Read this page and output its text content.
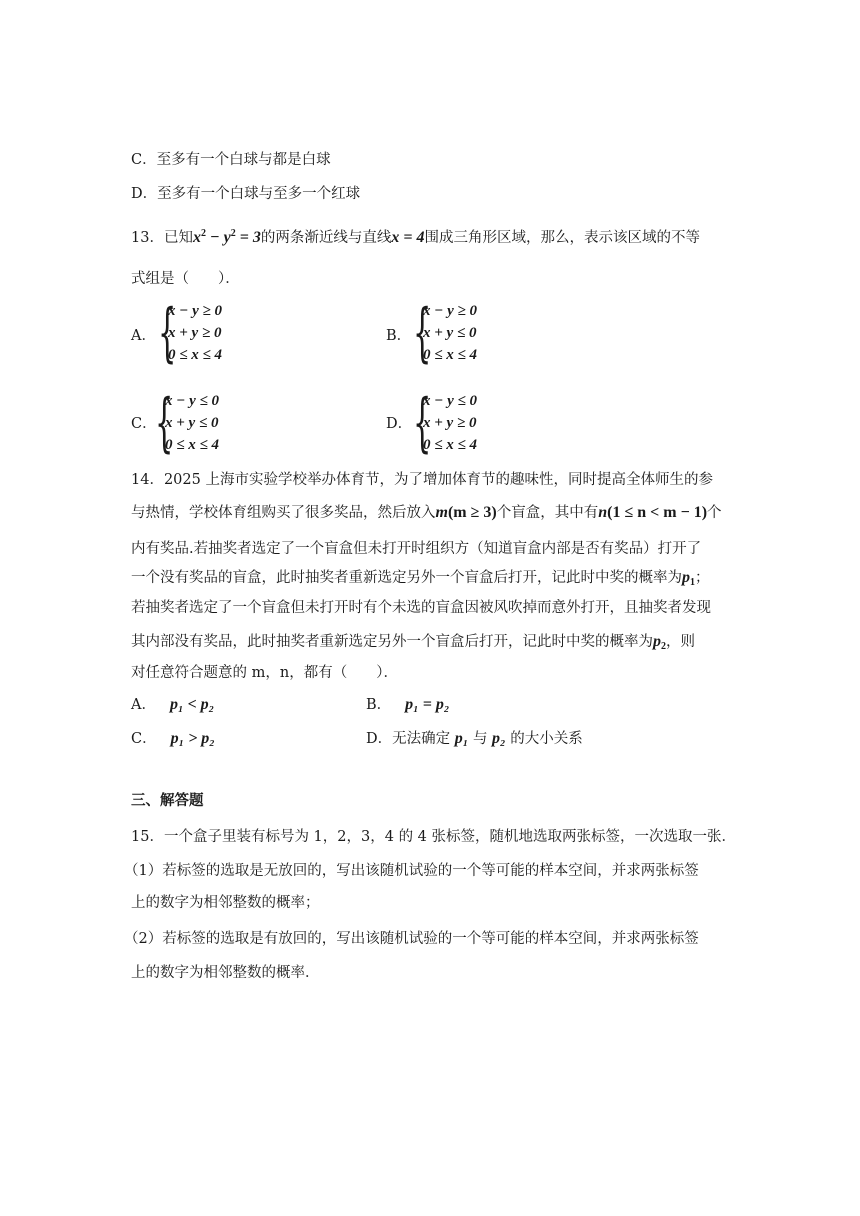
C．至多有一个白球与都是白球
D．至多有一个白球与至多一个红球
13．已知$x^2 - y^2 = 3$的两条渐近线与直线x = 4围成三角形区域，那么，表示该区域的不等
式组是（　　）．
A． {
x − y ≥ 0
x + y ≥ 0
0 ≤ x ≤ 4
B． {
x − y ≥ 0
x + y ≤ 0
0 ≤ x ≤ 4
C．
{
x − y ≤ 0
x + y ≤ 0
0 ≤ x ≤ 4
D． {
x − y ≤ 0
x + y ≥ 0
0 ≤ x ≤ 4
14．2025 上海市实验学校举办体育节，为了增加体育节的趣味性，同时提高全体师生的参
与热情，学校体育组购买了很多奖品，然后放入m(m ≥ 3)个盲盒，其中有n(1 ≤ n < m − 1)个
内有奖品.若抽奖者选定了一个盲盒但未打开时组织方（知道盲盒内部是否有奖品）打开了
一个没有奖品的盲盒，此时抽奖者重新选定另外一个盲盒后打开，记此时中奖的概率为$p_1$；
若抽奖者选定了一个盲盒但未打开时有个未选的盲盒因被风吹掉而意外打开，且抽奖者发现
其内部没有奖品，此时抽奖者重新选定另外一个盲盒后打开，记此时中奖的概率为$p_2$，则
对任意符合题意的 m，n，都有（　　）．
A． p₁ < p₂	B． p₁ = p₂
C． p₁ > p₂	D．无法确定 p₁ 与 p₂ 的大小关系
三、解答题
15．一个盒子里装有标号为 1，2，3，4 的 4 张标签，随机地选取两张标签，一次选取一张．
（1）若标签的选取是无放回的，写出该随机试验的一个等可能的样本空间，并求两张标签
上的数字为相邻整数的概率；
（2）若标签的选取是有放回的，写出该随机试验的一个等可能的样本空间，并求两张标签
上的数字为相邻整数的概率．
